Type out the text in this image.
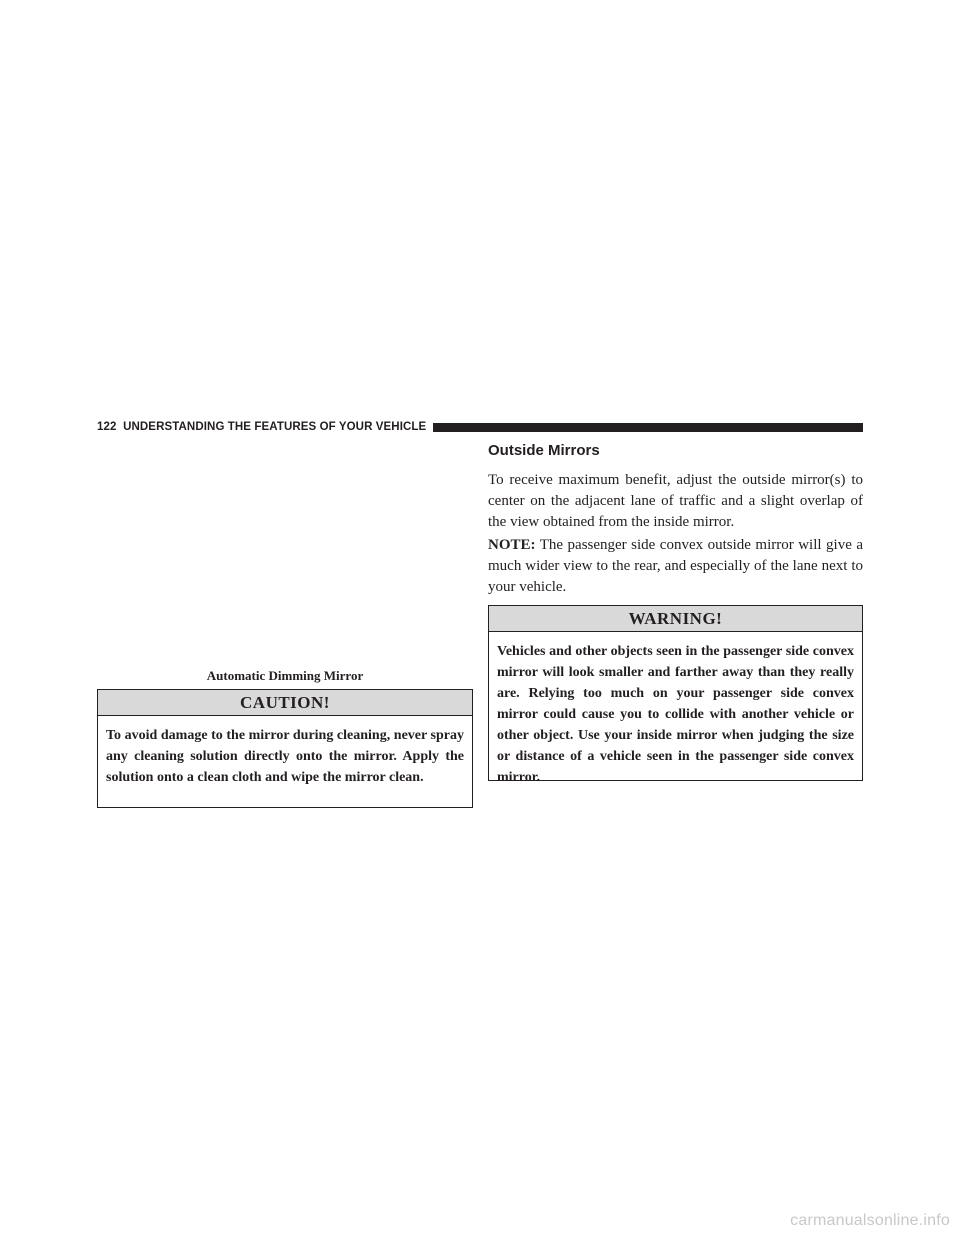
122 UNDERSTANDING THE FEATURES OF YOUR VEHICLE
Automatic Dimming Mirror
CAUTION!
To avoid damage to the mirror during cleaning, never spray any cleaning solution directly onto the mirror. Apply the solution onto a clean cloth and wipe the mirror clean.
Outside Mirrors

To receive maximum benefit, adjust the outside mirror(s) to center on the adjacent lane of traffic and a slight overlap of the view obtained from the inside mirror.

NOTE: The passenger side convex outside mirror will give a much wider view to the rear, and especially of the lane next to your vehicle.

WARNING!
Vehicles and other objects seen in the passenger side convex mirror will look smaller and farther away than they really are. Relying too much on your passenger side convex mirror could cause you to collide with another vehicle or other object. Use your inside mirror when judging the size or distance of a vehicle seen in the passenger side convex mirror.
carmanualsonline.info
